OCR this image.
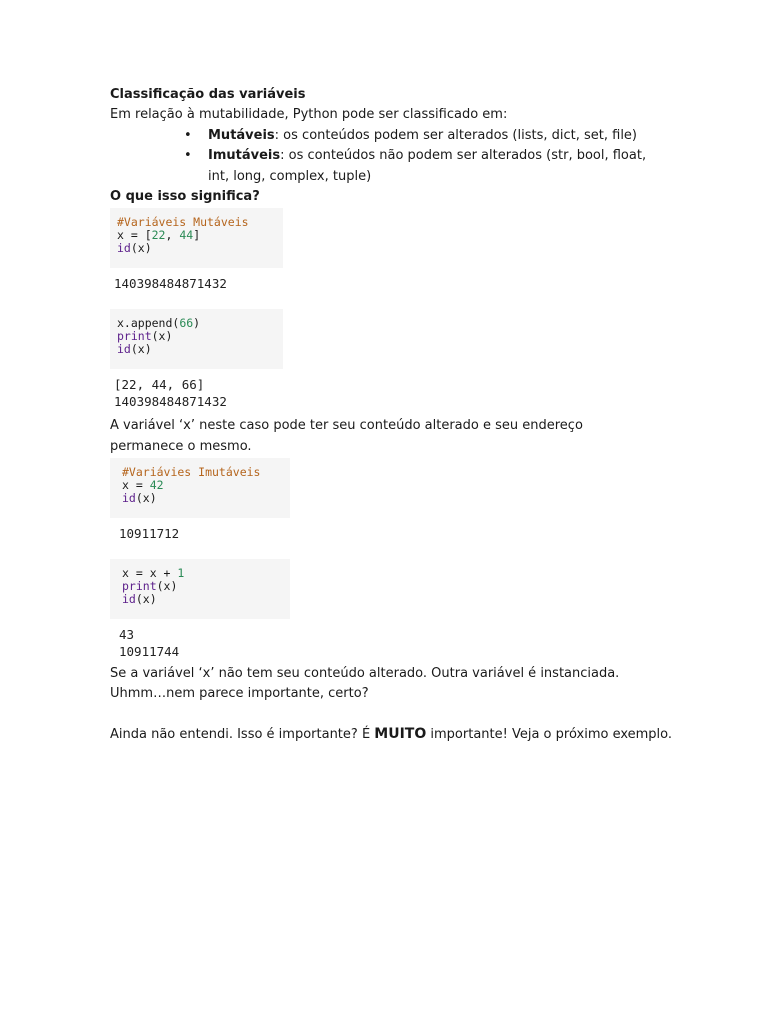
Classificação das variáveis
Em relação à mutabilidade, Python pode ser classificado em:
• Mutáveis: os conteúdos podem ser alterados (lists, dict, set, file)
• Imutáveis: os conteúdos não podem ser alterados (str, bool, float, int, long, complex, tuple)
O que isso significa?
#Variáveis Mutáveis
x = [22, 44]
id(x)
140398484871432
x.append(66)
print(x)
id(x)
[22, 44, 66]
140398484871432
A variável ‘x’ neste caso pode ter seu conteúdo alterado e seu endereço permanece o mesmo.
#Variávies Imutáveis
x = 42
id(x)
10911712
x = x + 1
print(x)
id(x)
43
10911744
Se a variável ‘x’ não tem seu conteúdo alterado. Outra variável é instanciada.
Uhmm…nem parece importante, certo?
Ainda não entendi. Isso é importante? É MUITO importante! Veja o próximo exemplo.
